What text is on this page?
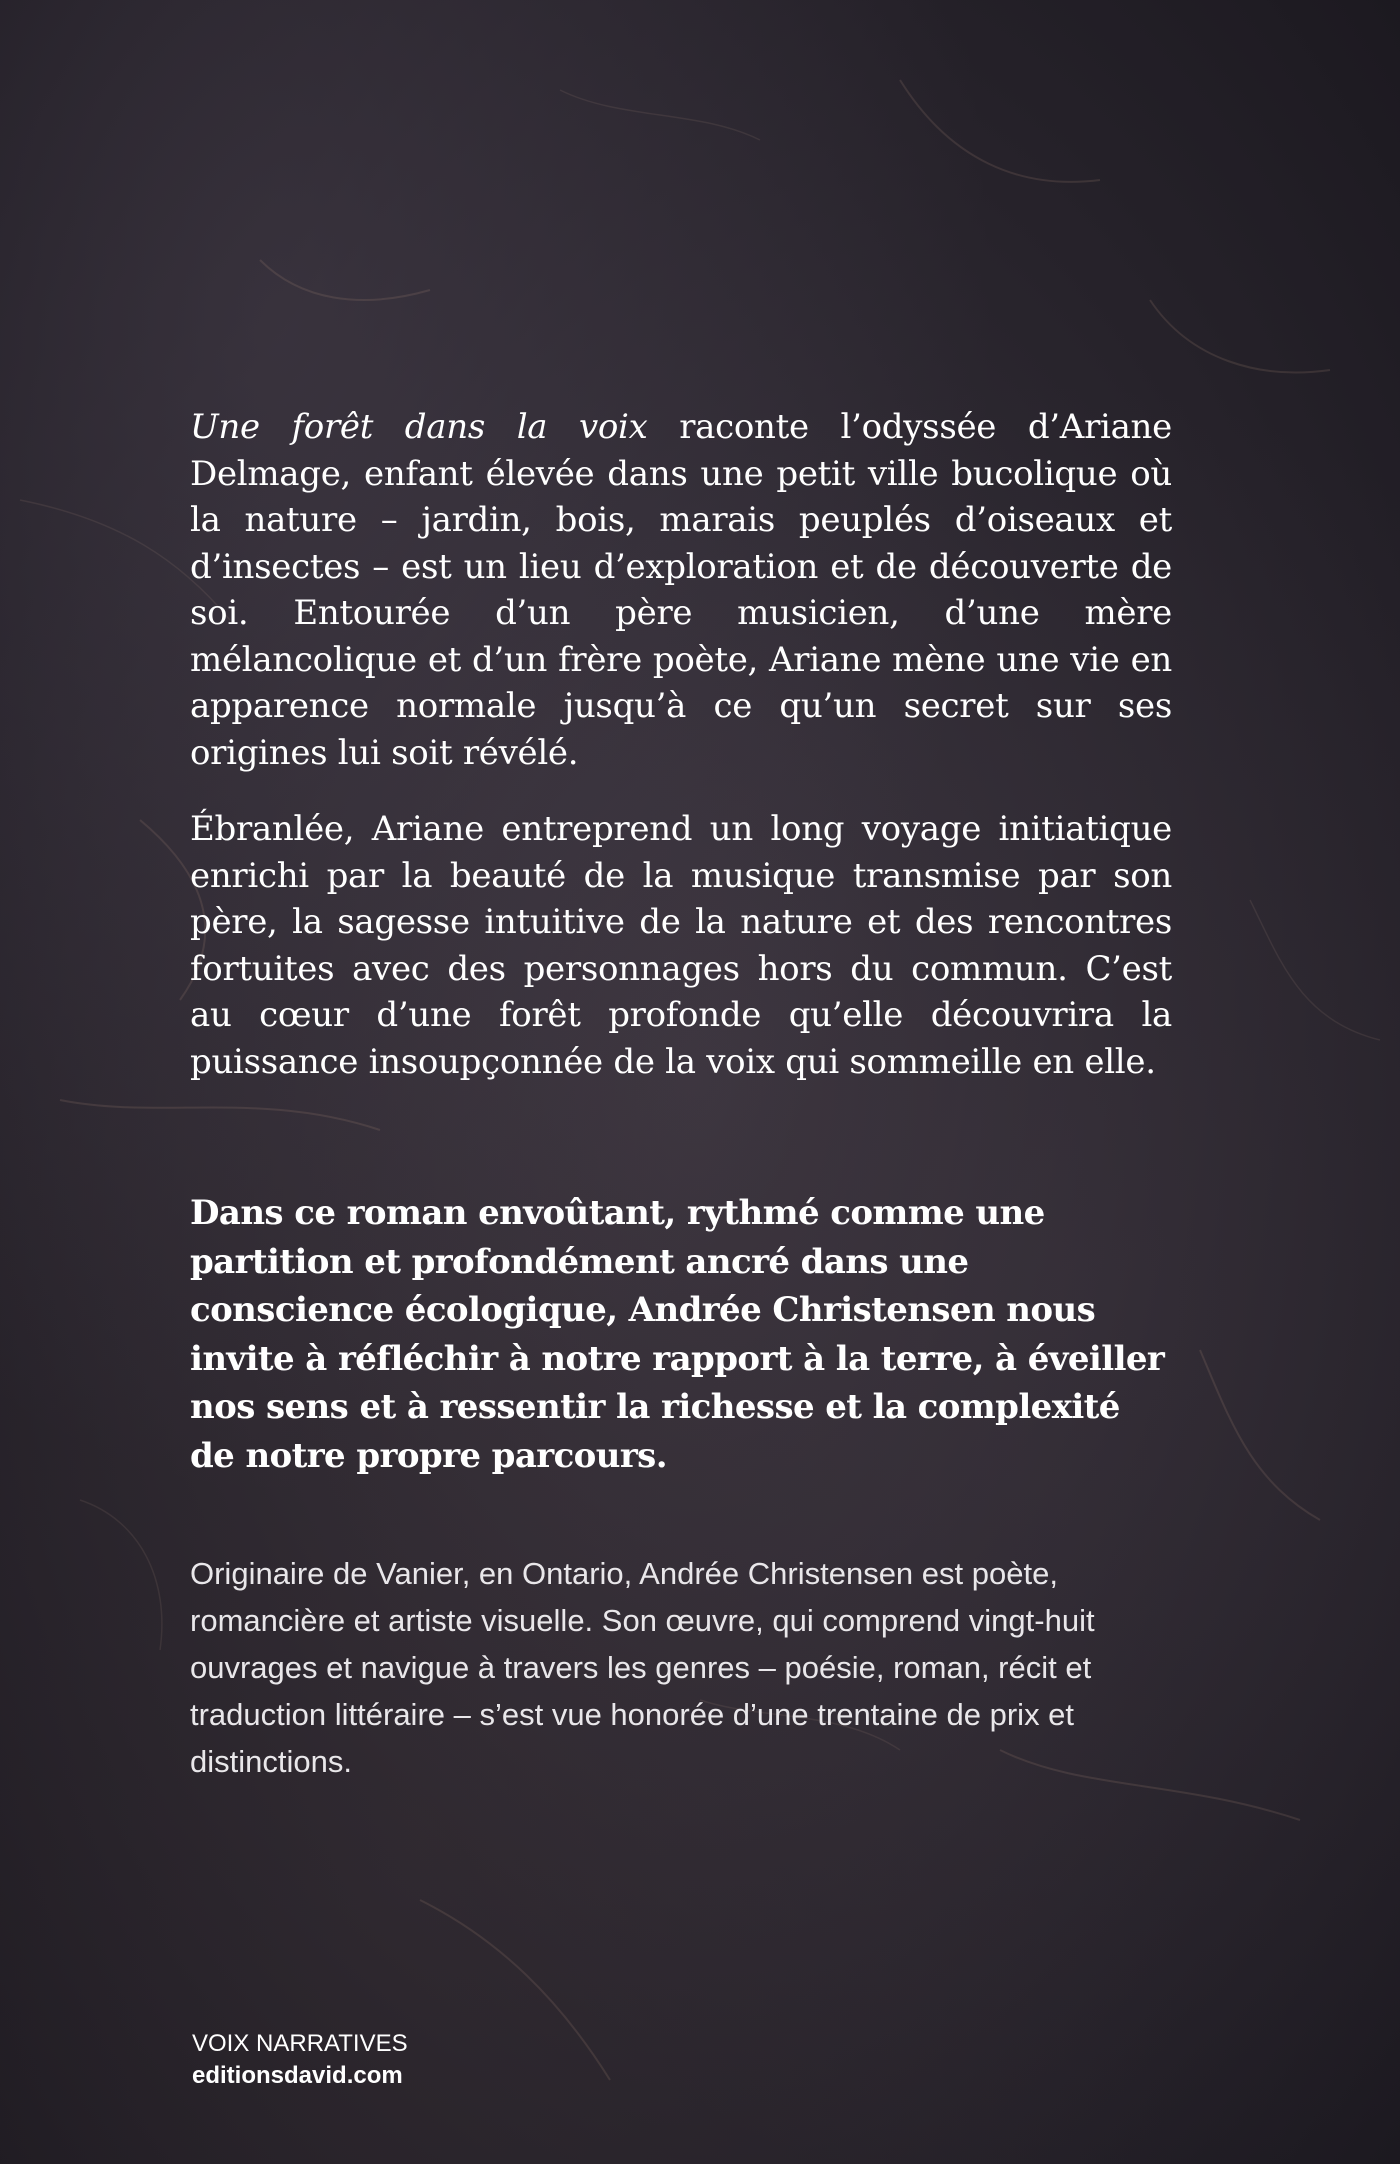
Une forêt dans la voix raconte l’odyssée d’Ariane Delmage, enfant élevée dans une petit ville bucolique où la nature – jardin, bois, marais peuplés d’oiseaux et d’insectes – est un lieu d’exploration et de découverte de soi. Entourée d’un père musicien, d’une mère mélancolique et d’un frère poète, Ariane mène une vie en apparence normale jusqu’à ce qu’un secret sur ses origines lui soit révélé.

Ébranlée, Ariane entreprend un long voyage initiatique enrichi par la beauté de la musique transmise par son père, la sagesse intuitive de la nature et des rencontres fortuites avec des personnages hors du commun. C’est au cœur d’une forêt profonde qu’elle découvrira la puissance insoupçonnée de la voix qui sommeille en elle.

Dans ce roman envoûtant, rythmé comme une partition et profondément ancré dans une conscience écologique, Andrée Christensen nous invite à réfléchir à notre rapport à la terre, à éveiller nos sens et à ressentir la richesse et la complexité de notre propre parcours.

Originaire de Vanier, en Ontario, Andrée Christensen est poète, romancière et artiste visuelle. Son œuvre, qui comprend vingt-huit ouvrages et navigue à travers les genres – poésie, roman, récit et traduction littéraire – s’est vue honorée d’une trentaine de prix et distinctions.

VOIX NARRATIVES
editionsdavid.com
